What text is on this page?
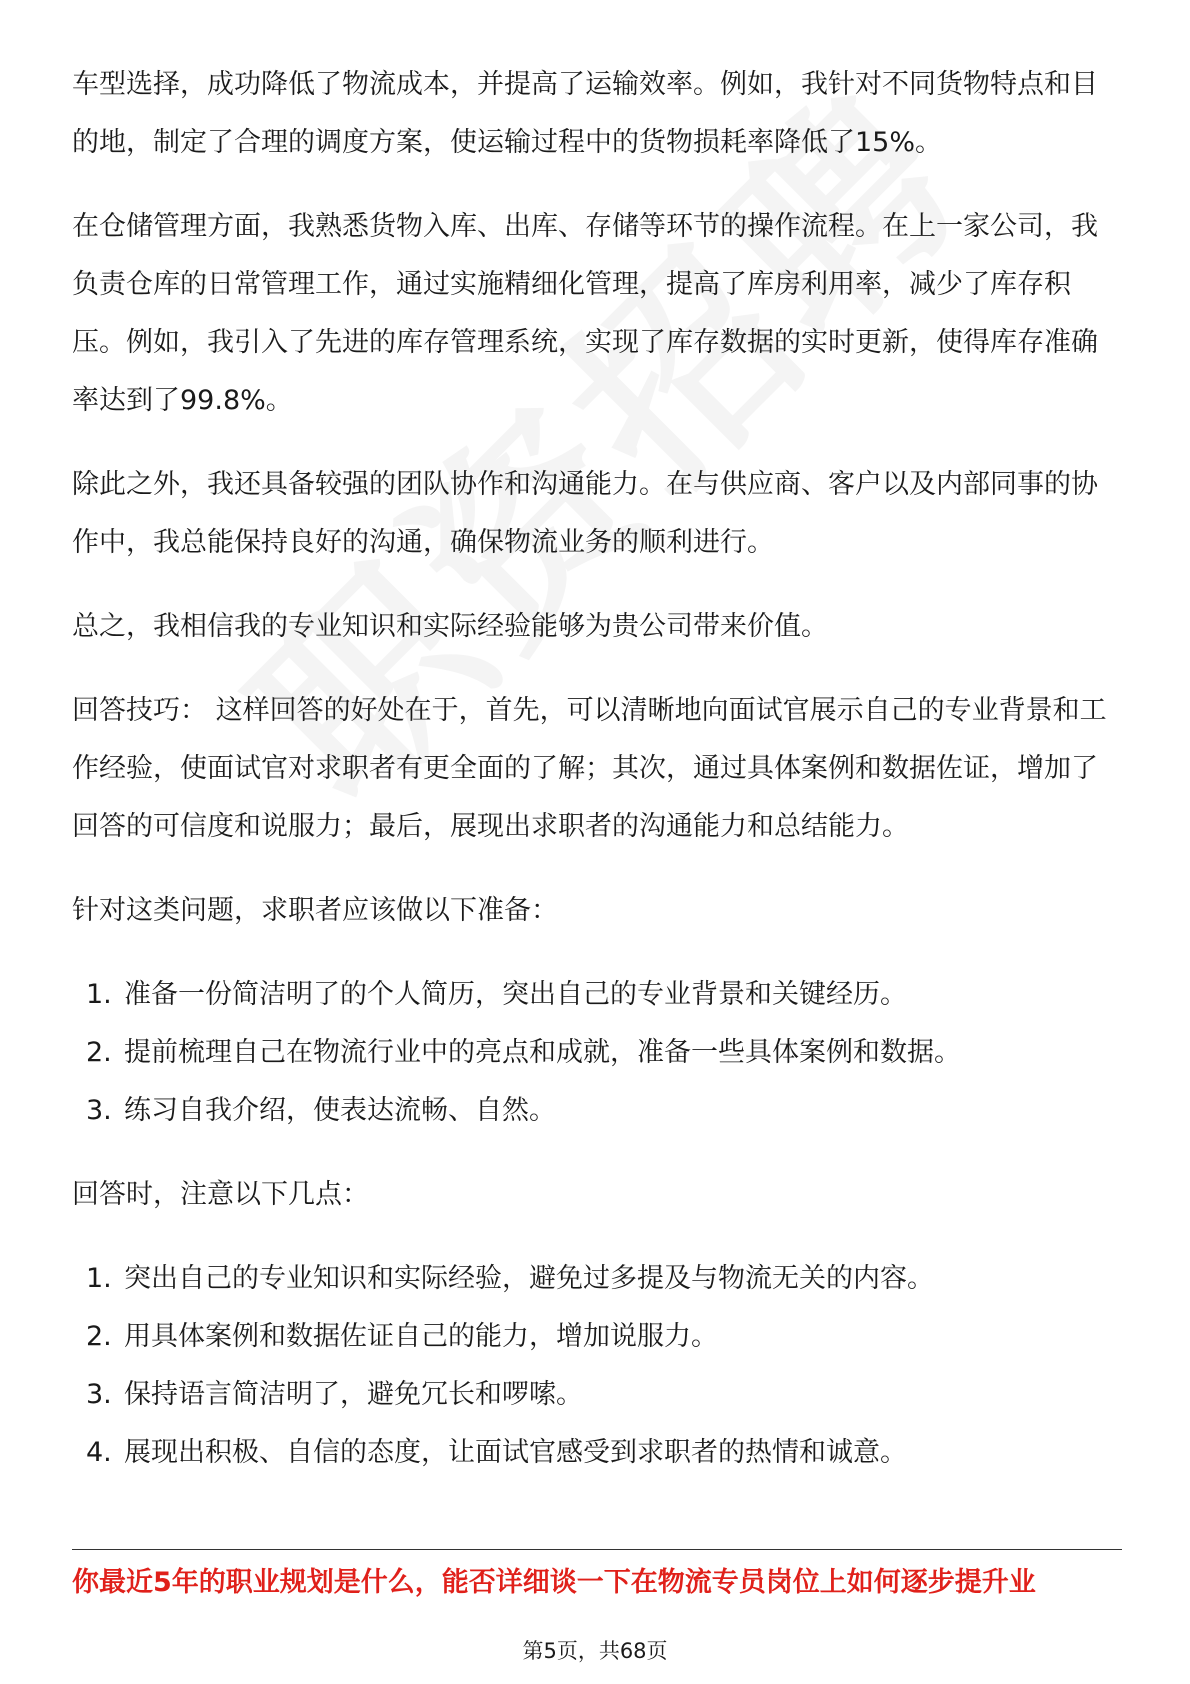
车型选择，成功降低了物流成本，并提高了运输效率。例如，我针对不同货物特点和目的地，制定了合理的调度方案，使运输过程中的货物损耗率降低了15%。

在仓储管理方面，我熟悉货物入库、出库、存储等环节的操作流程。在上一家公司，我负责仓库的日常管理工作，通过实施精细化管理，提高了库房利用率，减少了库存积压。例如，我引入了先进的库存管理系统，实现了库存数据的实时更新，使得库存准确率达到了99.8%。

除此之外，我还具备较强的团队协作和沟通能力。在与供应商、客户以及内部同事的协作中，我总能保持良好的沟通，确保物流业务的顺利进行。

总之，我相信我的专业知识和实际经验能够为贵公司带来价值。

回答技巧： 这样回答的好处在于，首先，可以清晰地向面试官展示自己的专业背景和工作经验，使面试官对求职者有更全面的了解；其次，通过具体案例和数据佐证，增加了回答的可信度和说服力；最后，展现出求职者的沟通能力和总结能力。

针对这类问题，求职者应该做以下准备：

1. 准备一份简洁明了的个人简历，突出自己的专业背景和关键经历。
2. 提前梳理自己在物流行业中的亮点和成就，准备一些具体案例和数据。
3. 练习自我介绍，使表达流畅、自然。

回答时，注意以下几点：

1. 突出自己的专业知识和实际经验，避免过多提及与物流无关的内容。
2. 用具体案例和数据佐证自己的能力，增加说服力。
3. 保持语言简洁明了，避免冗长和啰嗦。
4. 展现出积极、自信的态度，让面试官感受到求职者的热情和诚意。
你最近5年的职业规划是什么，能否详细谈一下在物流专员岗位上如何逐步提升业
第5页，共68页
